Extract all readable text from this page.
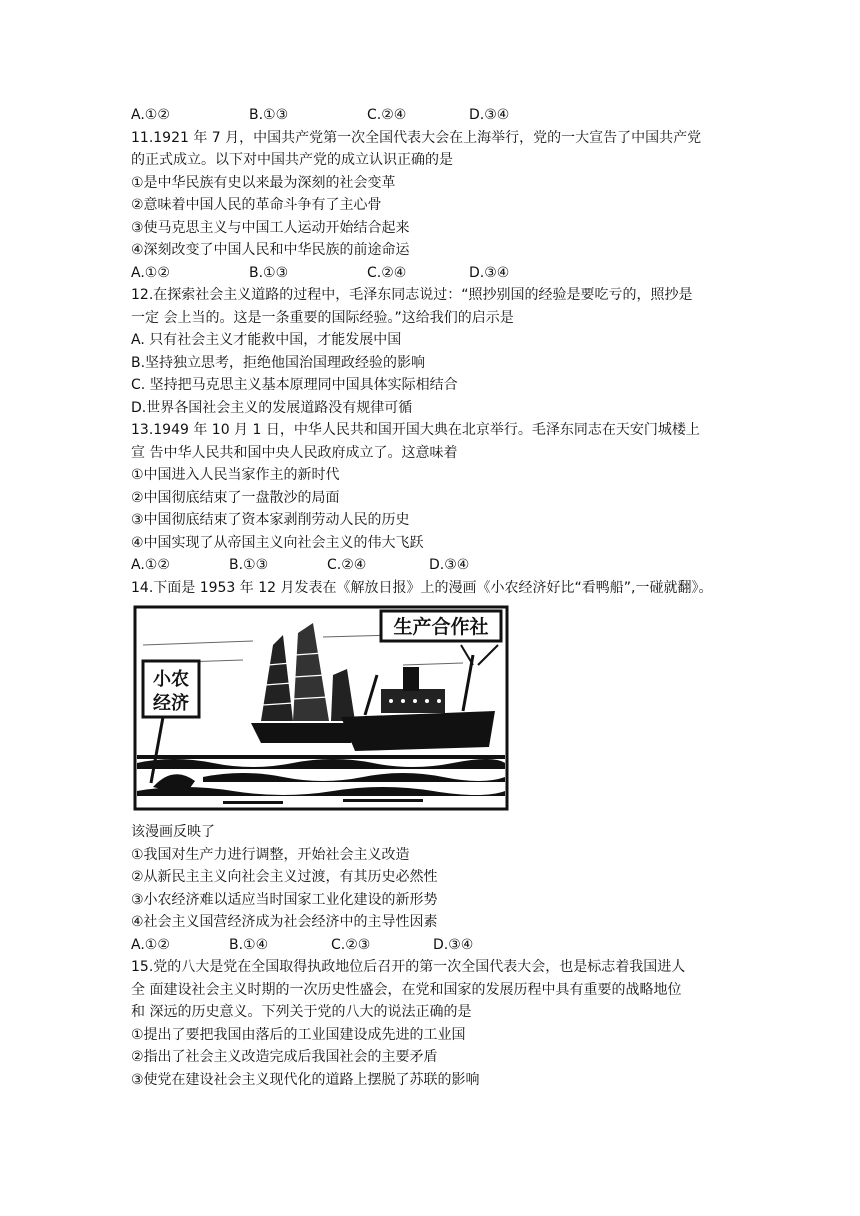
A.①②	B.①③	C.②④	D.③④
11.1921 年 7 月，中国共产党第一次全国代表大会在上海举行，党的一大宣告了中国共产党
的正式成立。以下对中国共产党的成立认识正确的是
①是中华民族有史以来最为深刻的社会变革
②意味着中国人民的革命斗争有了主心骨
③使马克思主义与中国工人运动开始结合起来
④深刻改变了中国人民和中华民族的前途命运
A.①②	B.①③	C.②④	D.③④
12.在探索社会主义道路的过程中，毛泽东同志说过：“照抄别国的经验是要吃亏的，照抄是
一定 会上当的。这是一条重要的国际经验。”这给我们的启示是
A. 只有社会主义才能救中国，才能发展中国
B.坚持独立思考，拒绝他国治国理政经验的影响
C. 坚持把马克思主义基本原理同中国具体实际相结合
D.世界各国社会主义的发展道路没有规律可循
13.1949 年 10 月 1 日，中华人民共和国开国大典在北京举行。毛泽东同志在天安门城楼上
宣 告中华人民共和国中央人民政府成立了。这意味着
①中国进入人民当家作主的新时代
②中国彻底结束了一盘散沙的局面
③中国彻底结束了资本家剥削劳动人民的历史
④中国实现了从帝国主义向社会主义的伟大飞跃
A.①②	B.①③	C.②④	D.③④
14.下面是 1953 年 12 月发表在《解放日报》上的漫画《小农经济好比“看鸭船”,一碰就翻》。
生产合作社
小农
经济
该漫画反映了
①我国对生产力进行调整，开始社会主义改造
②从新民主主义向社会主义过渡，有其历史必然性
③小农经济难以适应当时国家工业化建设的新形势
④社会主义国营经济成为社会经济中的主导性因素
A.①②	B.①④	C.②③	D.③④
15.党的八大是党在全国取得执政地位后召开的第一次全国代表大会，也是标志着我国进人
全 面建设社会主义时期的一次历史性盛会，在党和国家的发展历程中具有重要的战略地位
和 深远的历史意义。下列关于党的八大的说法正确的是
①提出了要把我国由落后的工业国建设成先进的工业国
②指出了社会主义改造完成后我国社会的主要矛盾
③使党在建设社会主义现代化的道路上摆脱了苏联的影响
